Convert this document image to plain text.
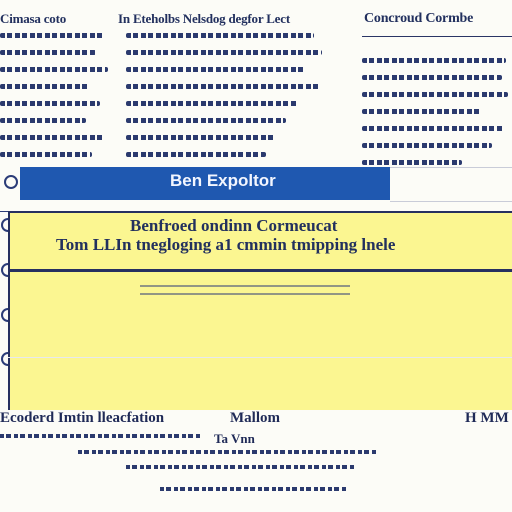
Cimasa coto	In Eteholbs Nelsdog degfor Lect	Concroud Cormbe
Ben Expoltor
Benfroed ondinn Cormeucat
Tom LLIn tnegloging a1 cmmin tmipping lnele
Ecoderd Imtin lleacfation	Mallom	H MM
Ta Vnn
